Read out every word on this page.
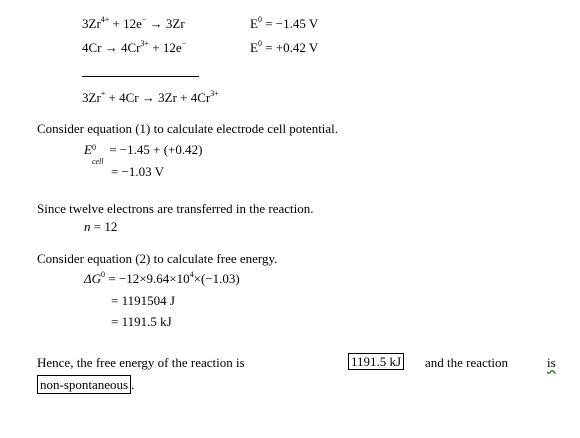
$3Zr^{4+} + 12e^- \to 3Zr$	$E^0 = -1.45$ V
$4Cr \to 4Cr^{3+} + 12e^-$	$E^0 = +0.42$ V
$3Zr^+ + 4Cr \to 3Zr + 4Cr^{3+}$
Consider equation (1) to calculate electrode cell potential.
E 0
cell
= −1.45 + (+0.42)
= −1.03 V
Since twelve electrons are transferred in the reaction.
n = 12
Consider equation (2) to calculate free energy.
$\Delta G^0 = -12\times 9.64\times 10^4\times(-1.03)$
= 1191504 J
= 1191.5 kJ
Hence, the free energy of the reaction is	1191.5 kJ and the reaction	is
non-spontaneous .
